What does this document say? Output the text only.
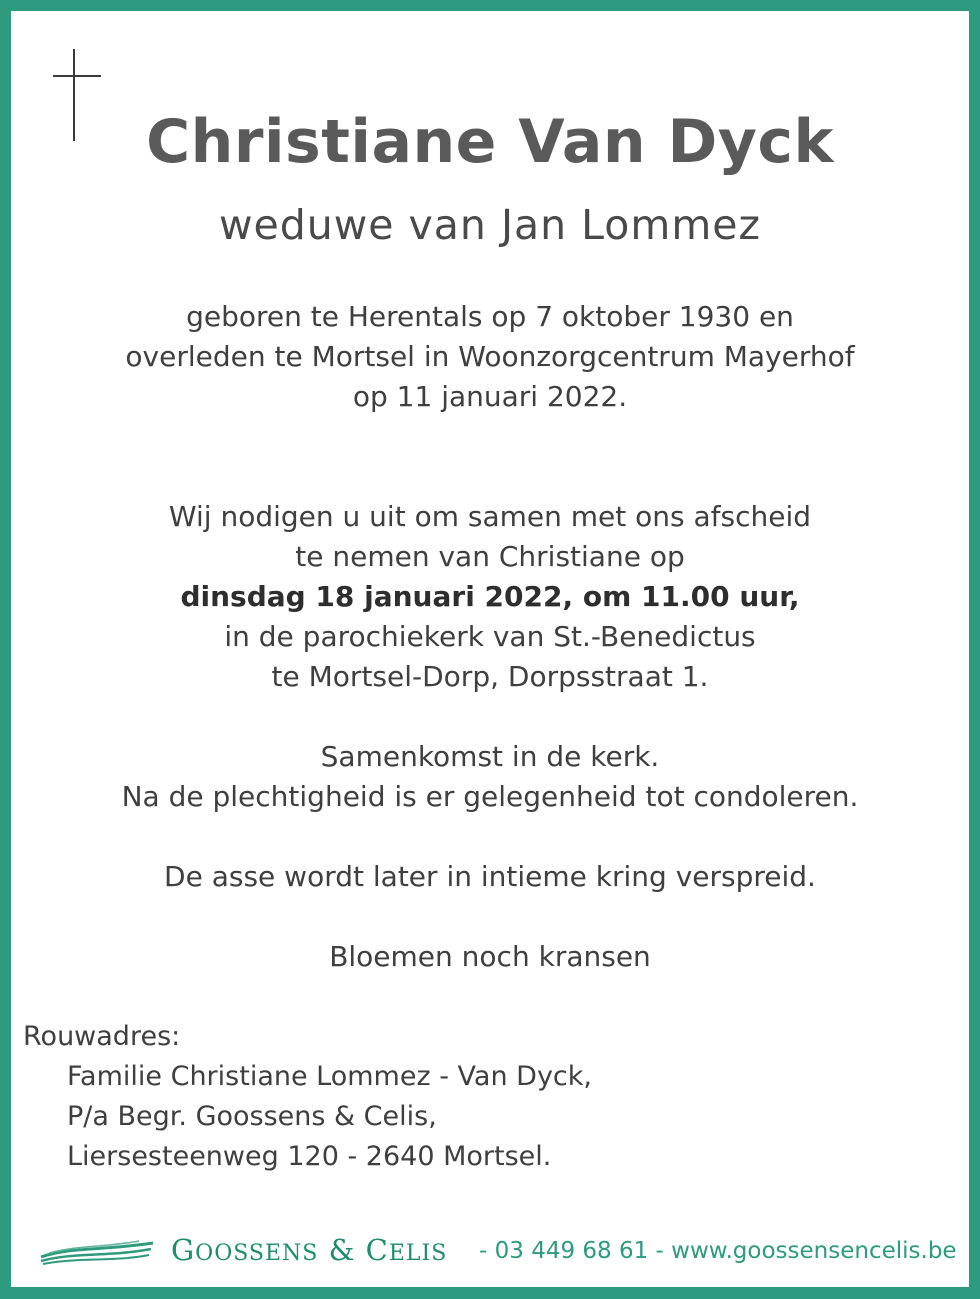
Christiane Van Dyck
weduwe van Jan Lommez
geboren te Herentals op 7 oktober 1930 en
overleden te Mortsel in Woonzorgcentrum Mayerhof
op 11 januari 2022.
Wij nodigen u uit om samen met ons afscheid
te nemen van Christiane op
dinsdag 18 januari 2022, om 11.00 uur,
in de parochiekerk van St.-Benedictus
te Mortsel-Dorp, Dorpsstraat 1.
Samenkomst in de kerk.
Na de plechtigheid is er gelegenheid tot condoleren.
De asse wordt later in intieme kring verspreid.
Bloemen noch kransen
Rouwadres:
Familie Christiane Lommez - Van Dyck,
P/a Begr. Goossens & Celis,
Liersesteenweg 120 - 2640 Mortsel.
GOOSSENS & CELIS - 03 449 68 61 - www.goossensencelis.be
